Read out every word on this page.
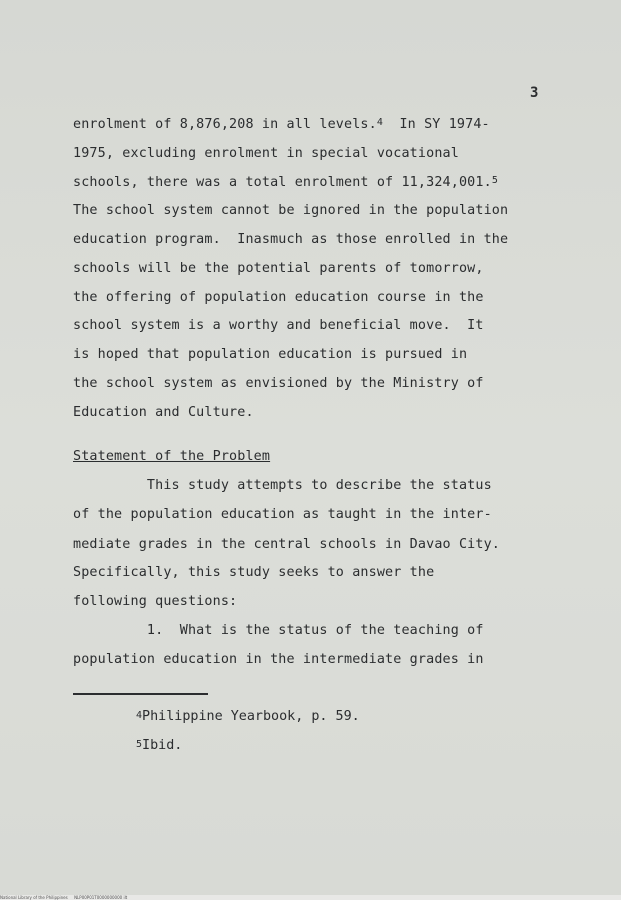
3
enrolment of 8,876,208 in all levels.$^4$  In SY 1974-
1975, excluding enrolment in special vocational
schools, there was a total enrolment of 11,324,001.$^5$
The school system cannot be ignored in the population
education program.  Inasmuch as those enrolled in the
schools will be the potential parents of tomorrow,
the offering of population education course in the
school system is a worthy and beneficial move.  It
is hoped that population education is pursued in
the school system as envisioned by the Ministry of
Education and Culture.
Statement of the Problem
This study attempts to describe the status
of the population education as taught in the inter-
mediate grades in the central schools in Davao City.
Specifically, this study seeks to answer the
following questions:
1.  What is the status of the teaching of
population education in the intermediate grades in
$^4$Philippine Yearbook, p. 59.
$^5$Ibid.
National Library of the Philippines     NLP00P01T0000000000 ilt
